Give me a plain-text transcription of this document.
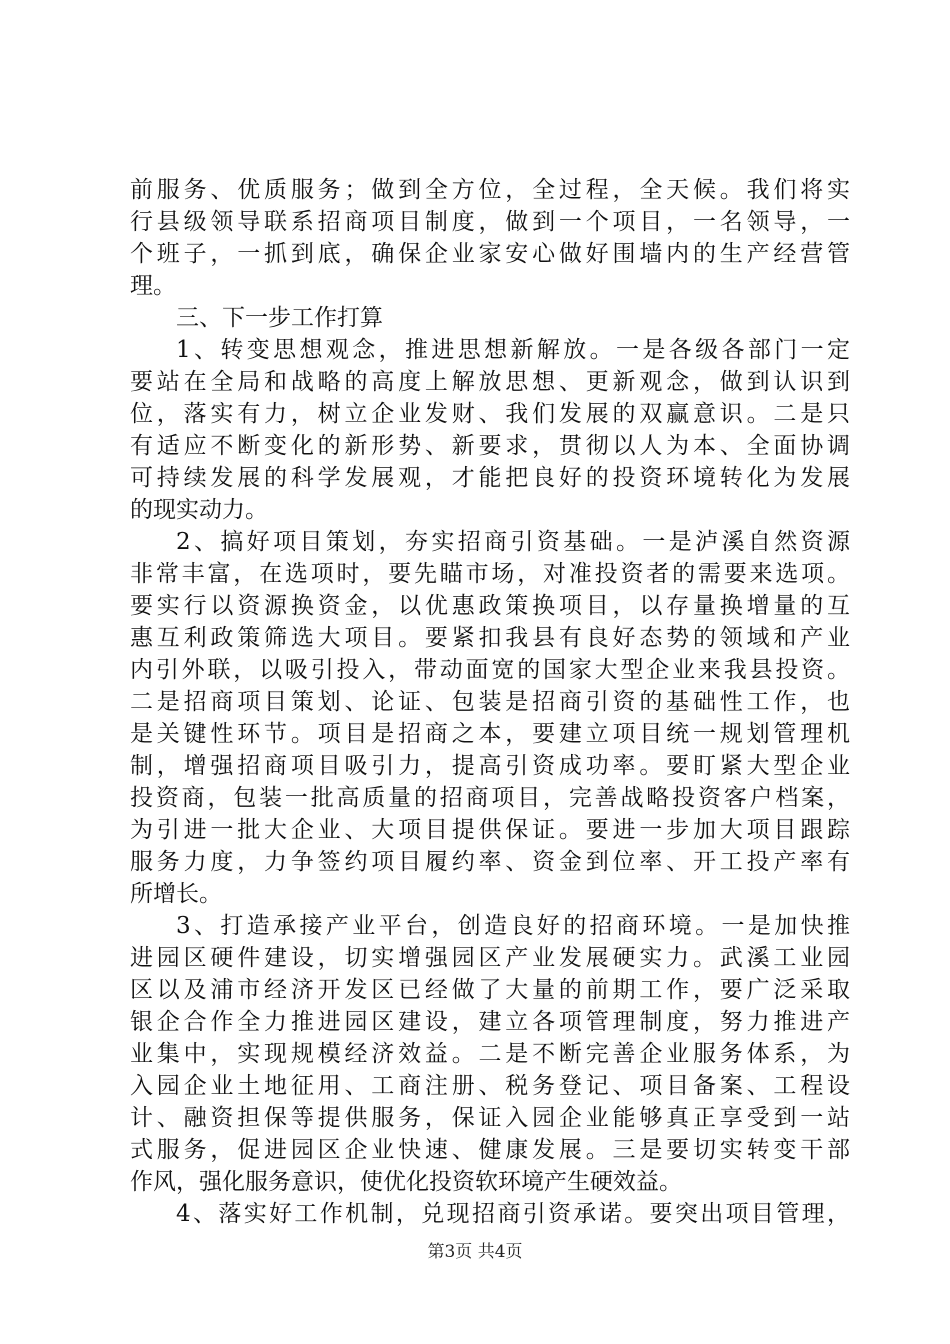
前服务、优质服务；做到全方位，全过程，全天候。我们将实
行县级领导联系招商项目制度，做到一个项目，一名领导，一
个班子，一抓到底，确保企业家安心做好围墙内的生产经营管
理。
三、下一步工作打算
1、转变思想观念，推进思想新解放。一是各级各部门一定
要站在全局和战略的高度上解放思想、更新观念，做到认识到
位，落实有力，树立企业发财、我们发展的双赢意识。二是只
有适应不断变化的新形势、新要求，贯彻以人为本、全面协调
可持续发展的科学发展观，才能把良好的投资环境转化为发展
的现实动力。
2、搞好项目策划，夯实招商引资基础。一是泸溪自然资源
非常丰富，在选项时，要先瞄市场，对准投资者的需要来选项。
要实行以资源换资金，以优惠政策换项目，以存量换增量的互
惠互利政策筛选大项目。要紧扣我县有良好态势的领域和产业
内引外联，以吸引投入，带动面宽的国家大型企业来我县投资。
二是招商项目策划、论证、包装是招商引资的基础性工作，也
是关键性环节。项目是招商之本，要建立项目统一规划管理机
制，增强招商项目吸引力，提高引资成功率。要盯紧大型企业
投资商，包装一批高质量的招商项目，完善战略投资客户档案，
为引进一批大企业、大项目提供保证。要进一步加大项目跟踪
服务力度，力争签约项目履约率、资金到位率、开工投产率有
所增长。
3、打造承接产业平台，创造良好的招商环境。一是加快推
进园区硬件建设，切实增强园区产业发展硬实力。武溪工业园
区以及浦市经济开发区已经做了大量的前期工作，要广泛采取
银企合作全力推进园区建设，建立各项管理制度，努力推进产
业集中，实现规模经济效益。二是不断完善企业服务体系，为
入园企业土地征用、工商注册、税务登记、项目备案、工程设
计、融资担保等提供服务，保证入园企业能够真正享受到一站
式服务，促进园区企业快速、健康发展。三是要切实转变干部
作风，强化服务意识，使优化投资软环境产生硬效益。
4、落实好工作机制，兑现招商引资承诺。要突出项目管理，
第3页 共4页
